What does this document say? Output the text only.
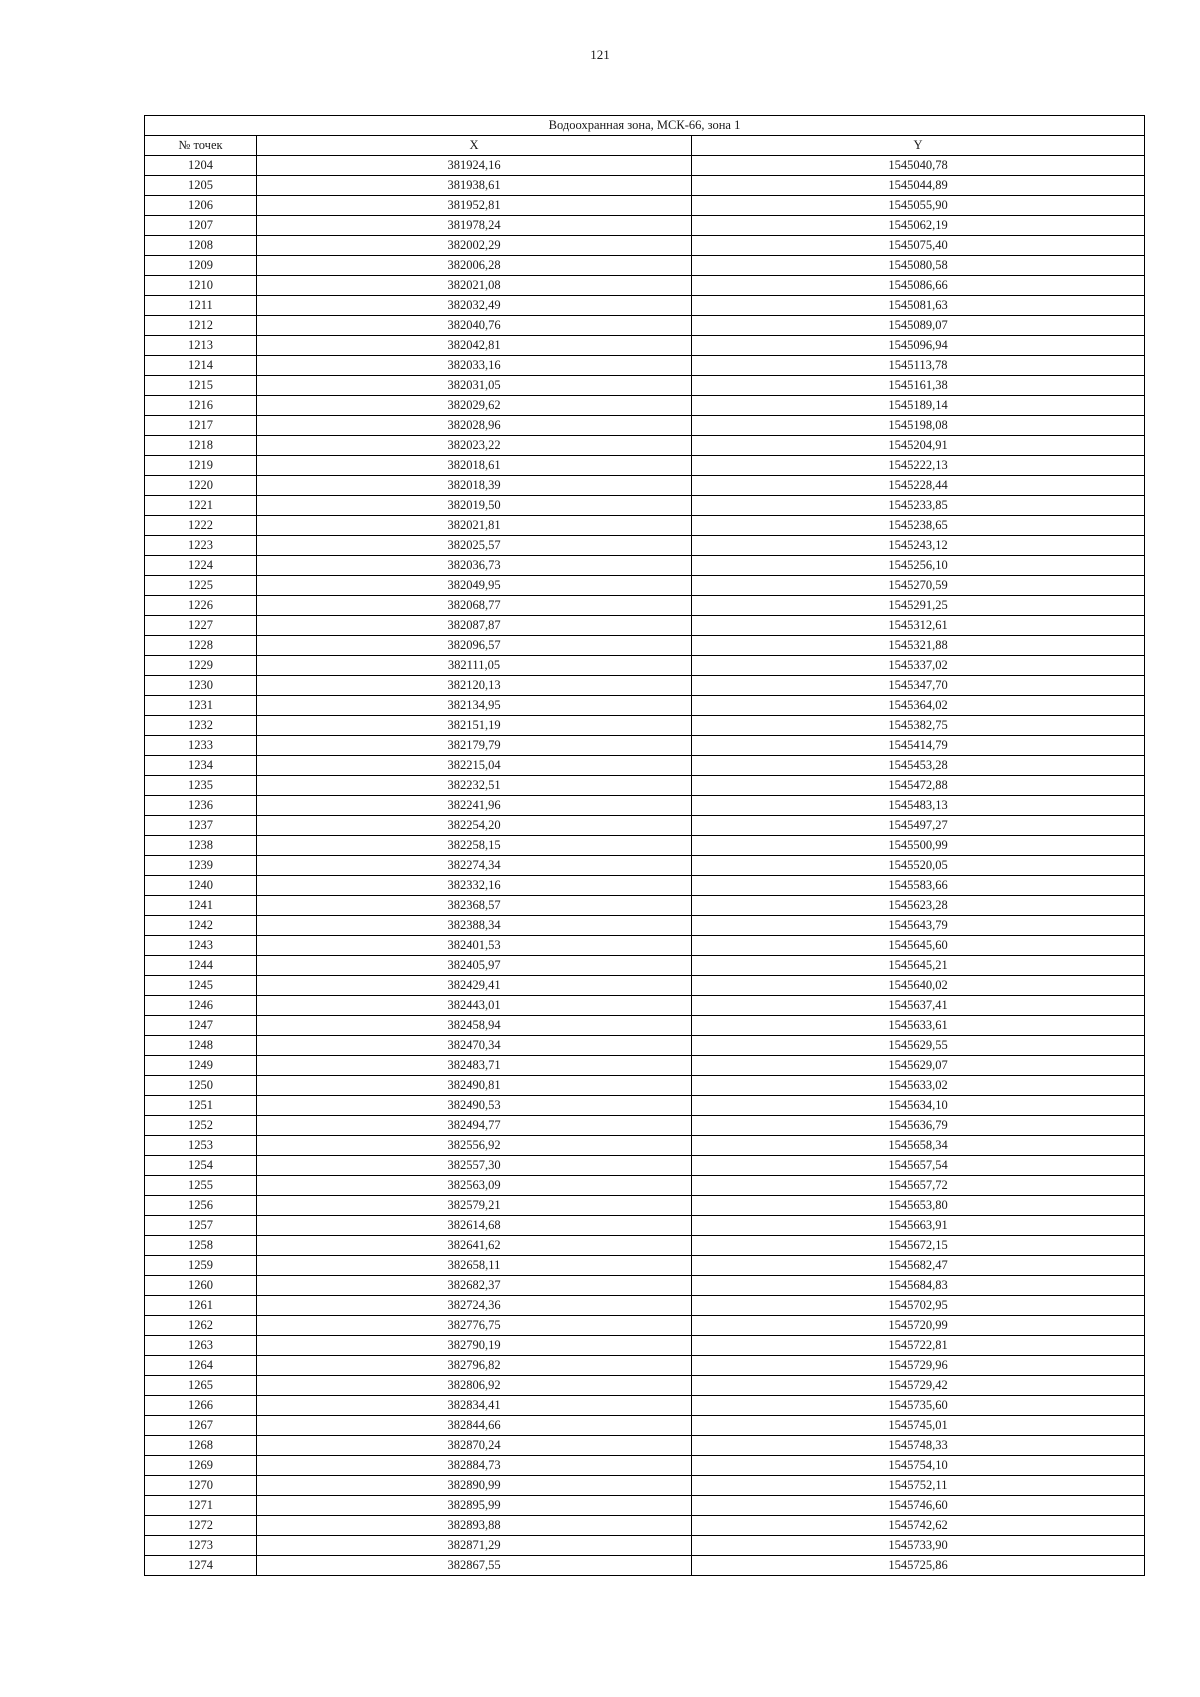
121
Водоохранная зона, МСК-66, зона 1		
№ точек	X	Y
1204	381924,16	1545040,78
1205	381938,61	1545044,89
1206	381952,81	1545055,90
1207	381978,24	1545062,19
1208	382002,29	1545075,40
1209	382006,28	1545080,58
1210	382021,08	1545086,66
1211	382032,49	1545081,63
1212	382040,76	1545089,07
1213	382042,81	1545096,94
1214	382033,16	1545113,78
1215	382031,05	1545161,38
1216	382029,62	1545189,14
1217	382028,96	1545198,08
1218	382023,22	1545204,91
1219	382018,61	1545222,13
1220	382018,39	1545228,44
1221	382019,50	1545233,85
1222	382021,81	1545238,65
1223	382025,57	1545243,12
1224	382036,73	1545256,10
1225	382049,95	1545270,59
1226	382068,77	1545291,25
1227	382087,87	1545312,61
1228	382096,57	1545321,88
1229	382111,05	1545337,02
1230	382120,13	1545347,70
1231	382134,95	1545364,02
1232	382151,19	1545382,75
1233	382179,79	1545414,79
1234	382215,04	1545453,28
1235	382232,51	1545472,88
1236	382241,96	1545483,13
1237	382254,20	1545497,27
1238	382258,15	1545500,99
1239	382274,34	1545520,05
1240	382332,16	1545583,66
1241	382368,57	1545623,28
1242	382388,34	1545643,79
1243	382401,53	1545645,60
1244	382405,97	1545645,21
1245	382429,41	1545640,02
1246	382443,01	1545637,41
1247	382458,94	1545633,61
1248	382470,34	1545629,55
1249	382483,71	1545629,07
1250	382490,81	1545633,02
1251	382490,53	1545634,10
1252	382494,77	1545636,79
1253	382556,92	1545658,34
1254	382557,30	1545657,54
1255	382563,09	1545657,72
1256	382579,21	1545653,80
1257	382614,68	1545663,91
1258	382641,62	1545672,15
1259	382658,11	1545682,47
1260	382682,37	1545684,83
1261	382724,36	1545702,95
1262	382776,75	1545720,99
1263	382790,19	1545722,81
1264	382796,82	1545729,96
1265	382806,92	1545729,42
1266	382834,41	1545735,60
1267	382844,66	1545745,01
1268	382870,24	1545748,33
1269	382884,73	1545754,10
1270	382890,99	1545752,11
1271	382895,99	1545746,60
1272	382893,88	1545742,62
1273	382871,29	1545733,90
1274	382867,55	1545725,86
